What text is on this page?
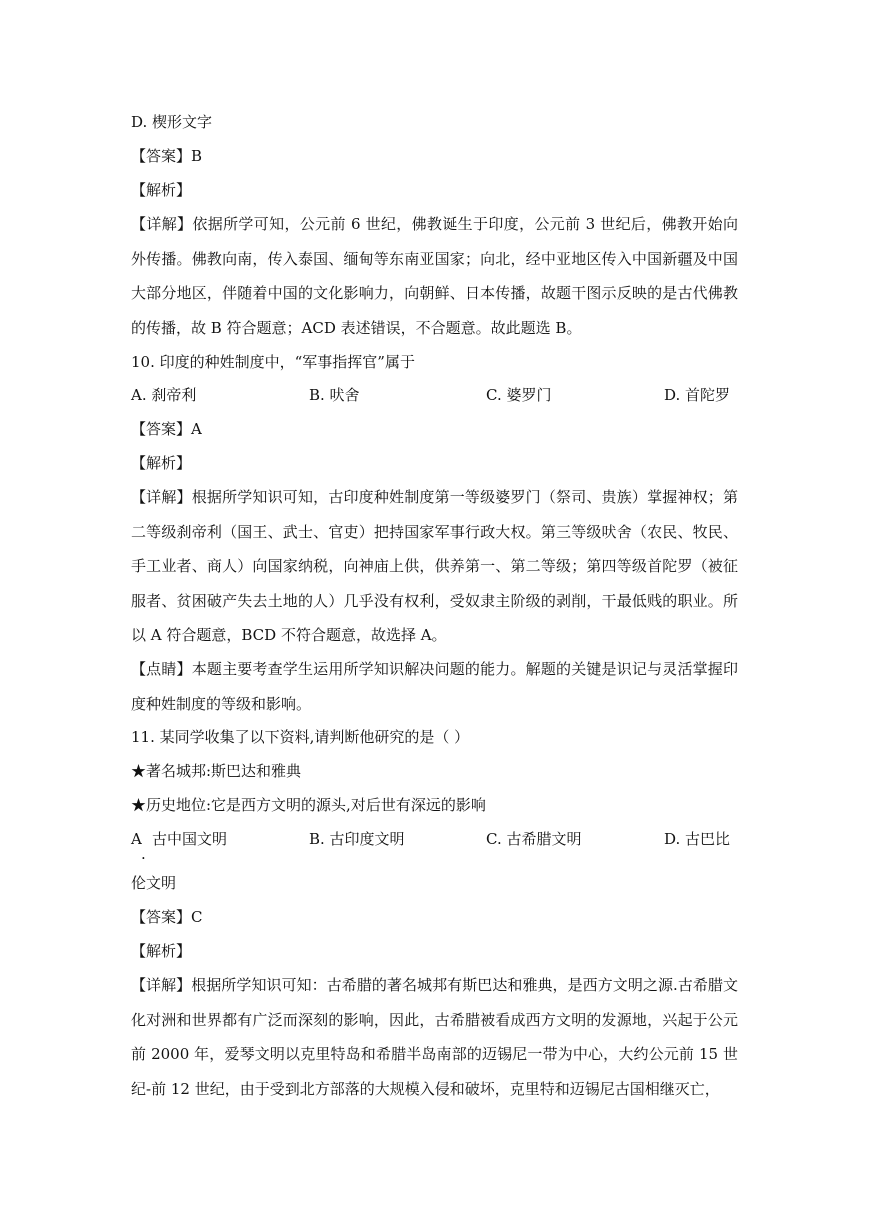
D. 楔形文字
【答案】B
【解析】
【详解】依据所学可知，公元前 6 世纪，佛教诞生于印度，公元前 3 世纪后，佛教开始向外传播。佛教向南，传入泰国、缅甸等东南亚国家；向北，经中亚地区传入中国新疆及中国大部分地区，伴随着中国的文化影响力，向朝鲜、日本传播，故题干图示反映的是古代佛教的传播，故 B 符合题意；ACD 表述错误，不合题意。故此题选 B。
10. 印度的种姓制度中，“军事指挥官”属于
A. 刹帝利	B. 吠舍	C. 婆罗门	D. 首陀罗
【答案】A
【解析】
【详解】根据所学知识可知，古印度种姓制度第一等级婆罗门（祭司、贵族）掌握神权；第二等级刹帝利（国王、武士、官吏）把持国家军事行政大权。第三等级吠舍（农民、牧民、手工业者、商人）向国家纳税，向神庙上供，供养第一、第二等级；第四等级首陀罗（被征服者、贫困破产失去土地的人）几乎没有权利，受奴隶主阶级的剥削，干最低贱的职业。所以 A 符合题意，BCD 不符合题意，故选择 A。
【点睛】本题主要考查学生运用所学知识解决问题的能力。解题的关键是识记与灵活掌握印度种姓制度的等级和影响。
11. 某同学收集了以下资料,请判断他研究的是（ ）
★著名城邦:斯巴达和雅典
★历史地位:它是西方文明的源头,对后世有深远的影响
A
.
古中国文明	B. 古印度文明	C. 古希腊文明	D. 古巴比
伦文明
【答案】C
【解析】
【详解】根据所学知识可知：古希腊的著名城邦有斯巴达和雅典，是西方文明之源.古希腊文化对洲和世界都有广泛而深刻的影响，因此，古希腊被看成西方文明的发源地，兴起于公元前 2000 年，爱琴文明以克里特岛和希腊半岛南部的迈锡尼一带为中心，大约公元前 15 世纪-前 12 世纪，由于受到北方部落的大规模入侵和破坏，克里特和迈锡尼古国相继灭亡，
